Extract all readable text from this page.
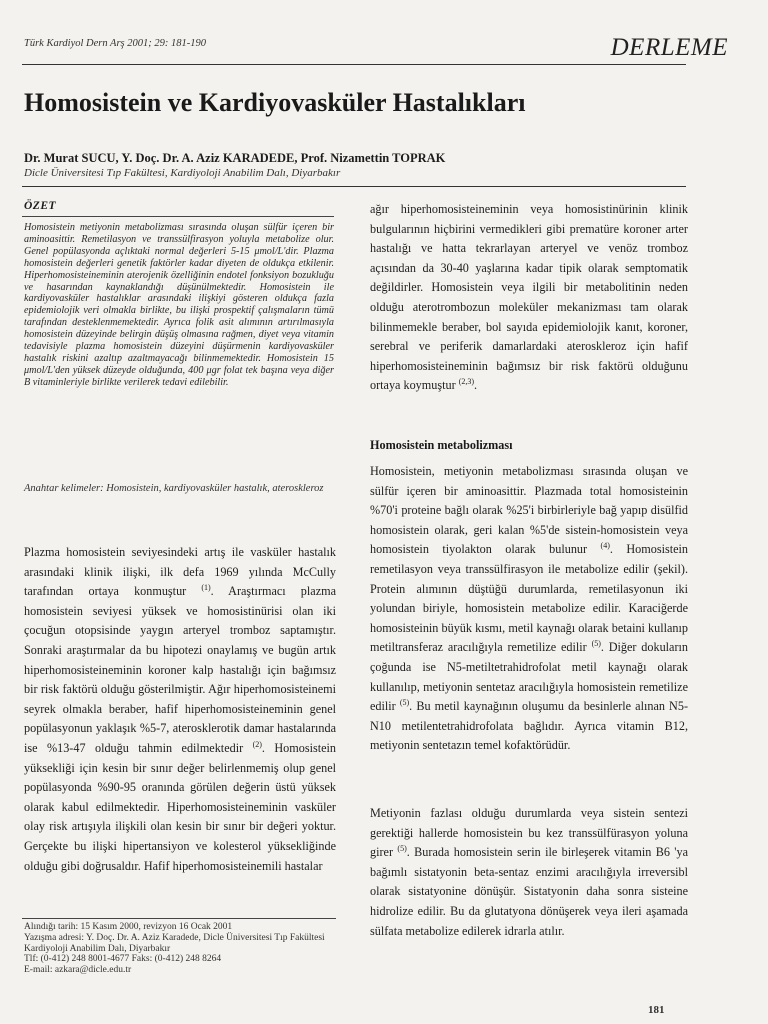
Türk Kardiyol Dern Arş 2001; 29: 181-190	DERLEME
Homosistein ve Kardiyovasküler Hastalıkları
Dr. Murat SUCU, Y. Doç. Dr. A. Aziz KARADEDE, Prof. Nizamettin TOPRAK
Dicle Üniversitesi Tıp Fakültesi, Kardiyoloji Anabilim Dalı, Diyarbakır
ÖZET

Homosistein metiyonin metabolizması sırasında oluşan sülfür içeren bir aminoasittir. Remetilasyon ve transsülfirasyon yoluyla metabolize olur. Genel popülasyonda açlıktaki normal değerleri 5-15 μmol/L'dir. Plazma homosistein değerleri genetik faktörler kadar diyeten de oldukça etkilenir. Hiperhomosisteineminin aterojenik özelliğinin endotel fonksiyon bozukluğu ve hasarından kaynaklandığı düşünülmektedir. Homosistein ile kardiyovasküler hastalıklar arasındaki ilişkiyi gösteren oldukça fazla epidemiolojik veri olmakla birlikte, bu ilişki prospektif çalışmaların tümü tarafından desteklenmemektedir. Ayrıca folik asit alımının artırılmasıyla homosistein düzeyinde belirgin düşüş olmasına rağmen, diyet veya vitamin tedavisiyle plazma homosistein düzeyini düşürmenin kardiyovasküler hastalık riskini azaltıp azaltmayacağı bilinmemektedir. Homosistein 15 μmol/L'den yüksek düzeyde olduğunda, 400 μgr folat tek başına veya diğer B vitaminleriyle birlikte verilerek tedavi edilebilir.

Anahtar kelimeler: Homosistein, kardiyovasküler hastalık, ateroskleroz

Plazma homosistein seviyesindeki artış ile vasküler hastalık arasındaki klinik ilişki, ilk defa 1969 yılında McCully tarafından ortaya konmuştur $^{(1)}$. Araştırmacı plazma homosistein seviyesi yüksek ve homosistinürisi olan iki çocuğun otopsisinde yaygın arteryel tromboz saptamıştır. Sonraki araştırmalar da bu hipotezi onaylamış ve bugün artık hiperhomosisteineminin koroner kalp hastalığı için bağımsız bir risk faktörü olduğu gösterilmiştir. Ağır hiperhomosisteinemi seyrek olmakla beraber, hafif hiperhomosisteineminin genel popülasyonun yaklaşık %5-7, aterosklerotik damar hastalarında ise %13-47 olduğu tahmin edilmektedir $^{(2)}$. Homosistein yüksekliği için kesin bir sınır değer belirlenmemiş olup genel popülasyonda %90-95 oranında görülen değerin üstü yüksek olarak kabul edilmektedir. Hiperhomosisteineminin vasküler olay risk artışıyla ilişkili olan kesin bir sınır bir değeri yoktur. Gerçekte bu ilişki hipertansiyon ve kolesterol yüksekliğinde olduğu gibi doğrusaldır. Hafif hiperhomosisteinemili hastalar

ağır hiperhomosisteineminin veya homosistinürinin klinik bulgularının hiçbirini vermedikleri gibi prematüre koroner arter hastalığı ve hatta tekrarlayan arteryel ve venöz tromboz açısından da 30-40 yaşlarına kadar tipik olarak semptomatik değildirler. Homosistein veya ilgili bir metabolitinin neden olduğu aterotrombozun moleküler mekanizması tam olarak bilinmemekle beraber, bol sayıda epidemiolojik kanıt, koroner, serebral ve periferik damarlardaki ateroskleroz için hafif hiperhomosisteineminin bağımsız bir risk faktörü olduğunu ortaya koymuştur $^{(2,3)}$.

Homosistein metabolizması

Homosistein, metiyonin metabolizması sırasında oluşan ve sülfür içeren bir aminoasittir. Plazmada total homosisteinin %70'i proteine bağlı olarak %25'i birbirleriyle bağ yapıp disülfid homosistein olarak, geri kalan %5'de sistein-homosistein veya homosistein tiyolakton olarak bulunur $^{(4)}$. Homosistein remetilasyon veya transsülfirasyon ile metabolize edilir (şekil). Protein alımının düştüğü durumlarda, remetilasyonun iki yolundan biriyle, homosistein metabolize edilir. Karaciğerde homosisteinin büyük kısmı, metil kaynağı olarak betaini kullanıp metiltransferaz aracılığıyla remetilize edilir $^{(5)}$. Diğer dokuların çoğunda ise N5-metiltetrahidrofolat metil kaynağı olarak kullanılıp, metiyonin sentetaz aracılığıyla homosistein remetilize edilir $^{(5)}$. Bu metil kaynağının oluşumu da besinlerle alınan N5-N10 metilentetrahidrofolata bağlıdır. Ayrıca vitamin B12, metiyonin sentetazın temel kofaktörüdür.

Metiyonin fazlası olduğu durumlarda veya sistein sentezi gerektiği hallerde homosistein bu kez transsülfürasyon yoluna girer $^{(5)}$. Burada homosistein serin ile birleşerek vitamin B6 'ya bağımlı sistatyonin beta-sentaz enzimi aracılığıyla irreversibl olarak sistatyonine dönüşür. Sistatyonin daha sonra sisteine hidrolize edilir. Bu da glutatyona dönüşerek veya ileri aşamada sülfata metabolize edilerek idrarla atılır.

Alındığı tarih: 15 Kasım 2000, revizyon 16 Ocak 2001
Yazışma adresi: Y. Doç. Dr. A. Aziz Karadede, Dicle Üniversitesi Tıp Fakültesi Kardiyoloji Anabilim Dalı, Diyarbakır
Tlf: (0-412) 248 8001-4677 Faks: (0-412) 248 8264
E-mail: azkara@dicle.edu.tr

181
